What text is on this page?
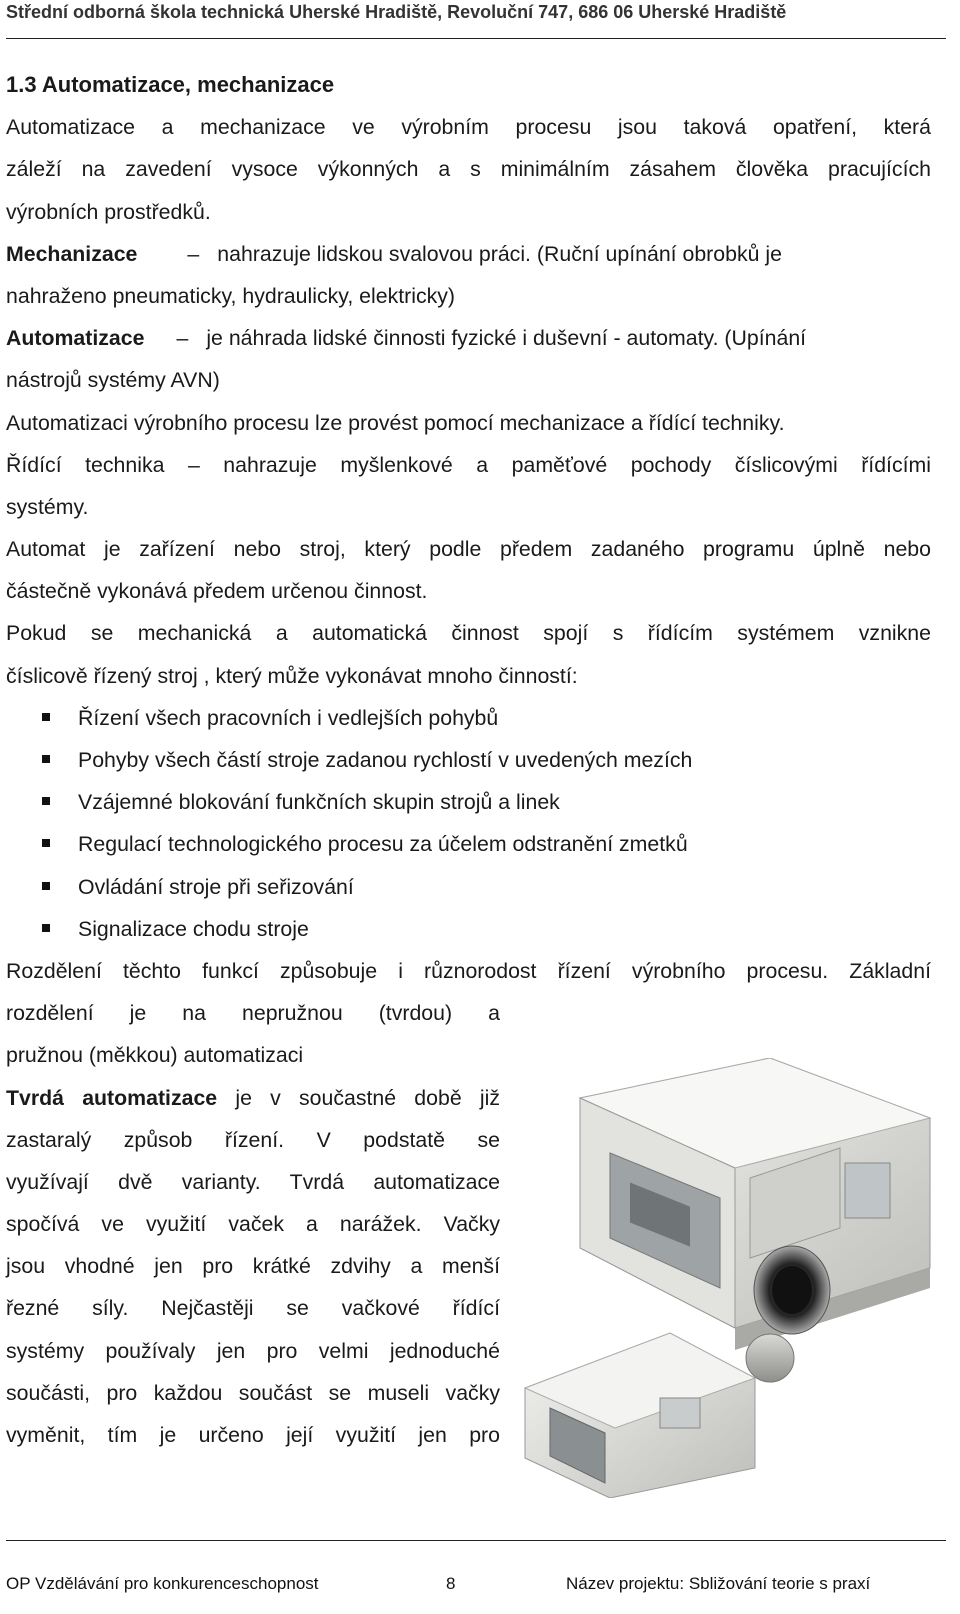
Střední odborná škola technická Uherské Hradiště, Revoluční 747, 686 06 Uherské Hradiště
1.3 Automatizace, mechanizace
Automatizace a mechanizace ve výrobním procesu jsou taková opatření, která
záleží na zavedení vysoce výkonných a s minimálním zásahem člověka pracujících
výrobních prostředků.
Mechanizace – nahrazuje lidskou svalovou práci. (Ruční upínání obrobků je
nahraženo pneumaticky, hydraulicky, elektricky)
Automatizace – je náhrada lidské činnosti fyzické i duševní - automaty. (Upínání
nástrojů systémy AVN)
Automatizaci výrobního procesu lze provést pomocí mechanizace a řídící techniky.
Řídící technika – nahrazuje myšlenkové a paměťové pochody číslicovými řídícími
systémy.
Automat je zařízení nebo stroj, který podle předem zadaného programu úplně nebo
částečně vykonává předem určenou činnost.
Pokud se mechanická a automatická činnost spojí s řídícím systémem vznikne
číslicově řízený stroj , který může vykonávat mnoho činností:
Řízení všech pracovních i vedlejších pohybů
Pohyby všech částí stroje zadanou rychlostí v uvedených mezích
Vzájemné blokování funkčních skupin strojů a linek
Regulací technologického procesu za účelem odstranění zmetků
Ovládání stroje při seřizování
Signalizace chodu stroje
Rozdělení těchto funkcí způsobuje i různorodost řízení výrobního procesu. Základní
rozdělení je na nepružnou (tvrdou) a
pružnou (měkkou) automatizaci
Tvrdá automatizace je v součastné době již
zastaralý způsob řízení. V podstatě se
využívají dvě varianty. Tvrdá automatizace
spočívá ve využití vaček a narážek. Vačky
jsou vhodné jen pro krátké zdvihy a menší
řezné síly. Nejčastěji se vačkové řídící
systémy používaly jen pro velmi jednoduché
součásti, pro každou součást se museli vačky
vyměnit, tím je určeno její využití jen pro
OP Vzdělávání pro konkurenceschopnost	8	Název projektu: Sbližování teorie s praxí
